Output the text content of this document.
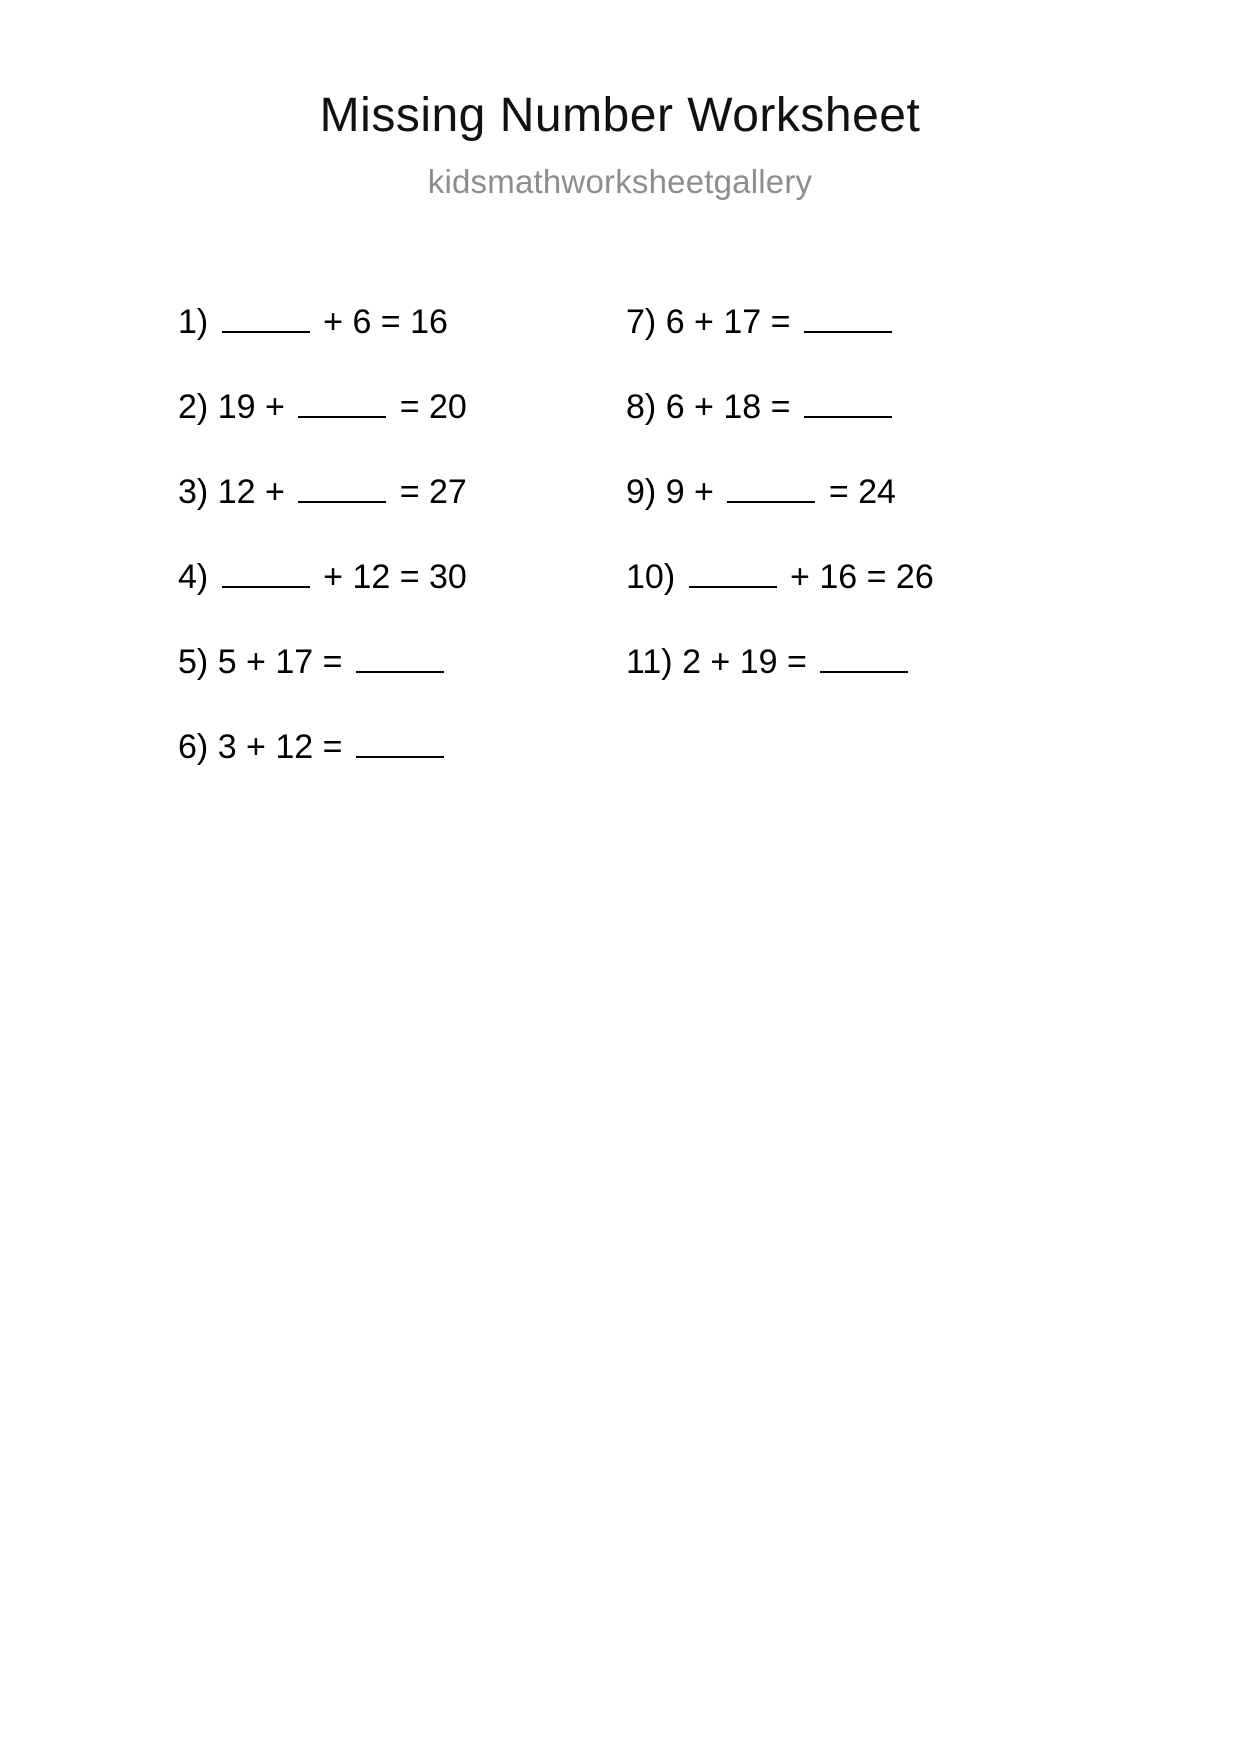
Missing Number Worksheet
kidsmathworksheetgallery
1)	+ 6 = 16
2) 19 +	= 20
3) 12 +	= 27
4)	+ 12 = 30
5) 5 + 17 =
6) 3 + 12 =
7) 6 + 17 =
8) 6 + 18 =
9) 9 +	= 24
10)	+ 16 = 26
11) 2 + 19 =
